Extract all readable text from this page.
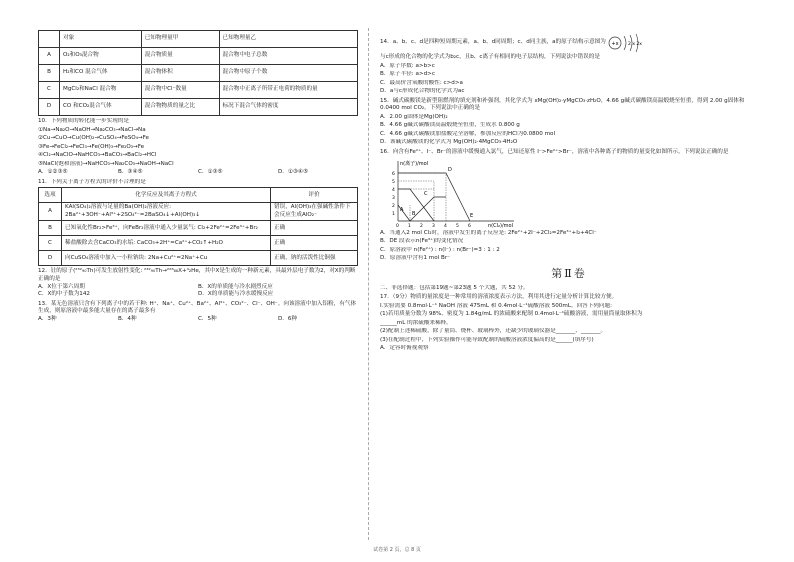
	对象	已知物理量甲	已知物理量乙
A	O₂和O₃混合物	混合物质量	混合物中电子总数
B	H₂和CO 混合气体	混合物体积	混合物中原子个数
C	MgCl₂和NaCl 混合物	混合物中Cl⁻数量	混合物中正离子所带正电荷的物质的量
D	CO 和CO₂混合气体	混合物物质的量之比	标况下混合气体的密度
10．下列物质的转化能一步实现的是
①Na→Na₂O→NaOH→Na₂CO₃→NaCl→Na
②Cu→CuO→Cu(OH)₂→CuSO₄→FeSO₄→Fe
③Fe→FeCl₂→FeCl₃→Fe(OH)₃→Fe₂O₃→Fe
④Cl₂→NaClO→NaHCO₃→BaCO₃→BaCl₂→HCl
⑤NaCl(饱和溶液)→NaHCO₃→Na₂CO₃→NaOH→NaCl
A．①②③⑤	B．③④⑤	C．①③⑤	D．①③④⑤
11．下列关于离子方程式的评价不合理的是
选项	化学反应及其离子方程式	评价
A	KAl(SO₄)₂溶液与足量的Ba(OH)₂溶液反应: 2Ba²⁺+3OH⁻+Al³⁺+2SO₄²⁻=2BaSO₄↓+Al(OH)₃↓	错误，Al(OH)₃在强碱性条件下会反应生成AlO₂⁻
B	已知氧化性Br₂>Fe³⁺，向FeBr₂溶液中通入少量氯气: Cl₂+2Fe²⁺=2Fe³⁺+Br₂	正确
C	稀盐酸除去含CaCO₃的水垢: CaCO₃+2H⁺=Ca²⁺+CO₂↑+H₂O	正确
D	向CuSO₄溶液中加入一小粒钠块: 2Na+Cu²⁺=2Na⁺+Cu	正确，钠的活泼性比铜强
12．钍的原子(²³²₉₀Th)可发生放射性变化: ²³²₉₀Th→²²⁸₈₈X+⁴₂He，其中X是生成的一种新元素，具最外层电子数为2，对X的判断正确的是
A．X位于第六周期	B．X的单质能与冷水剧烈反应
C．X的中子数为142	D．X的单质能与冷水缓慢反应
13．某无色溶液只含有下列离子中的若干种: H⁺、Na⁺、Cu²⁺、Ba²⁺、Al³⁺、CO₃²⁻、Cl⁻、OH⁻。向该溶液中加入铝粉，有气体生成，则原溶液中最多能大量存在的离子最多有
A．3种	B．4种	C．5种	D．6种
14．a、b、c、d是四种短周期元素，a、b、d同周期；c、d同主族，a的原子结构示意图为 +x 2 x 2x
与c形成的化合物的化学式为b₂c，且b、c离子有相同的电子层结构，下列说法中错误的是
A．原子序数: a>b>c
B．原子半径: a>d>c
C．最高价含氧酸的酸性: c>d>a
D．a与c形成化合物的化学式为ac
15．碱式碳酸镁是新型阻燃剂的填充剂和补强剂，其化学式为 xMg(OH)₂·yMgCO₃·zH₂O，4.66 g碱式碳酸镁高温煅烧至恒重，得到 2.00 g固体和0.0400 mol CO₂，下列说法中正确的是
A．2.00 g固体是Mg(OH)₂
B．4.66 g碱式碳酸镁高温煅烧至恒重，生成水 0.800 g
C．4.66 g碱式碳酸镁加盐酸完全溶解，参加反应的HCl为0.0800 mol
D．该碱式碳酸镁的化学式为 Mg(OH)₂·4MgCO₃·4H₂O
16．向含有Fe²⁺、I⁻、Br⁻的溶液中缓慢通入氯气，已知还原性 I⁻>Fe²⁺>Br⁻，溶液中各种离子的物质的量变化如图所示，下列说法正确的是
n(离子)/mol
n(Cl₂)/mol
1
2
3
4
5
6
0 1 2 3 4 5 6
A
B
C
D
E
A．当通入2 mol Cl₂时，溶液中发生的离子反应是: 2Fe²⁺+2I⁻+2Cl₂=2Fe³⁺+I₂+4Cl⁻
B．DE 段表示n(Fe³⁺)的变化情况
C．原溶液中 n(Fe²⁺) : n(I⁻) : n(Br⁻)=3 : 1 : 2
D．原溶液中含有1 mol Br⁻
第Ⅱ卷
二、非选择题：包括第19题~第23题 5 个大题，共 52 分。
17．（9分）物质的量浓度是一种常用的溶液浓度表示方法，利用其进行定量分析计算比较方便。
Ⅰ.实验需要 0.8mol·L⁻¹ NaOH 溶液 475mL 和 0.4mol·L⁻¹硫酸溶液 500mL。回答下列问题:
(1)若用质量分数为 98%、密度为 1.84g/mL 的浓硫酸来配制 0.4mol·L⁻¹硫酸溶液，需用量筒量取体积为
______mL 的浓硫酸来稀释。
(2)配制上述稀硫酸，除了量筒、烧杯、玻璃棒外，还缺少的玻璃仪器是_______、_______。
(3)在配制过程中，下列实验操作可能导致配制的硫酸溶液浓度偏高的是______(填序号)
A．定容时俯视观察
试卷第 2 页，总 8 页
